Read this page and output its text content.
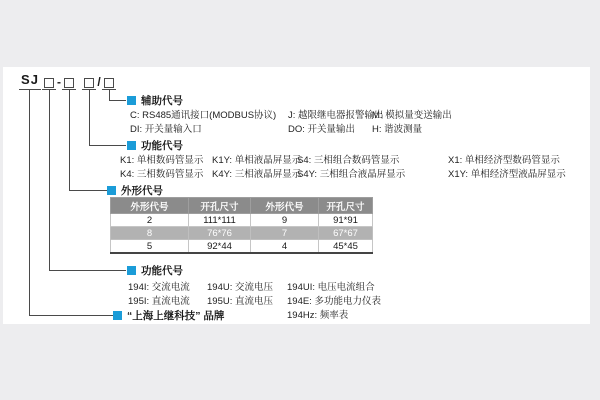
SJ	-	/
辅助代号
C: RS485通讯接口(MODBUS协议) J: 越限继电器报警输出
M: 模拟量变送输出
DI: 开关量输入口	DO: 开关量输出 H: 谐波测量
功能代号
K1: 单相数码管显示 K1Y: 单相液晶屏显示
S4: 三相组合数码管显示	X1: 单相经济型数码管显示
K4: 三相数码管显示 K4Y: 三相液晶屏显示
S4Y: 三相组合液晶屏显示	X1Y: 单相经济型液晶屏显示
外形代号
外形代号	开孔尺寸	外形代号	开孔尺寸
2	111*111	9	91*91
8	76*76	7	67*67
5	92*44	4	45*45
功能代号
194I: 交流电流 194U: 交流电压 194UI: 电压电流组合
195I: 直流电流 195U: 直流电压 194E: 多功能电力仪表
194Hz: 频率表
“上海上继科技” 品牌
